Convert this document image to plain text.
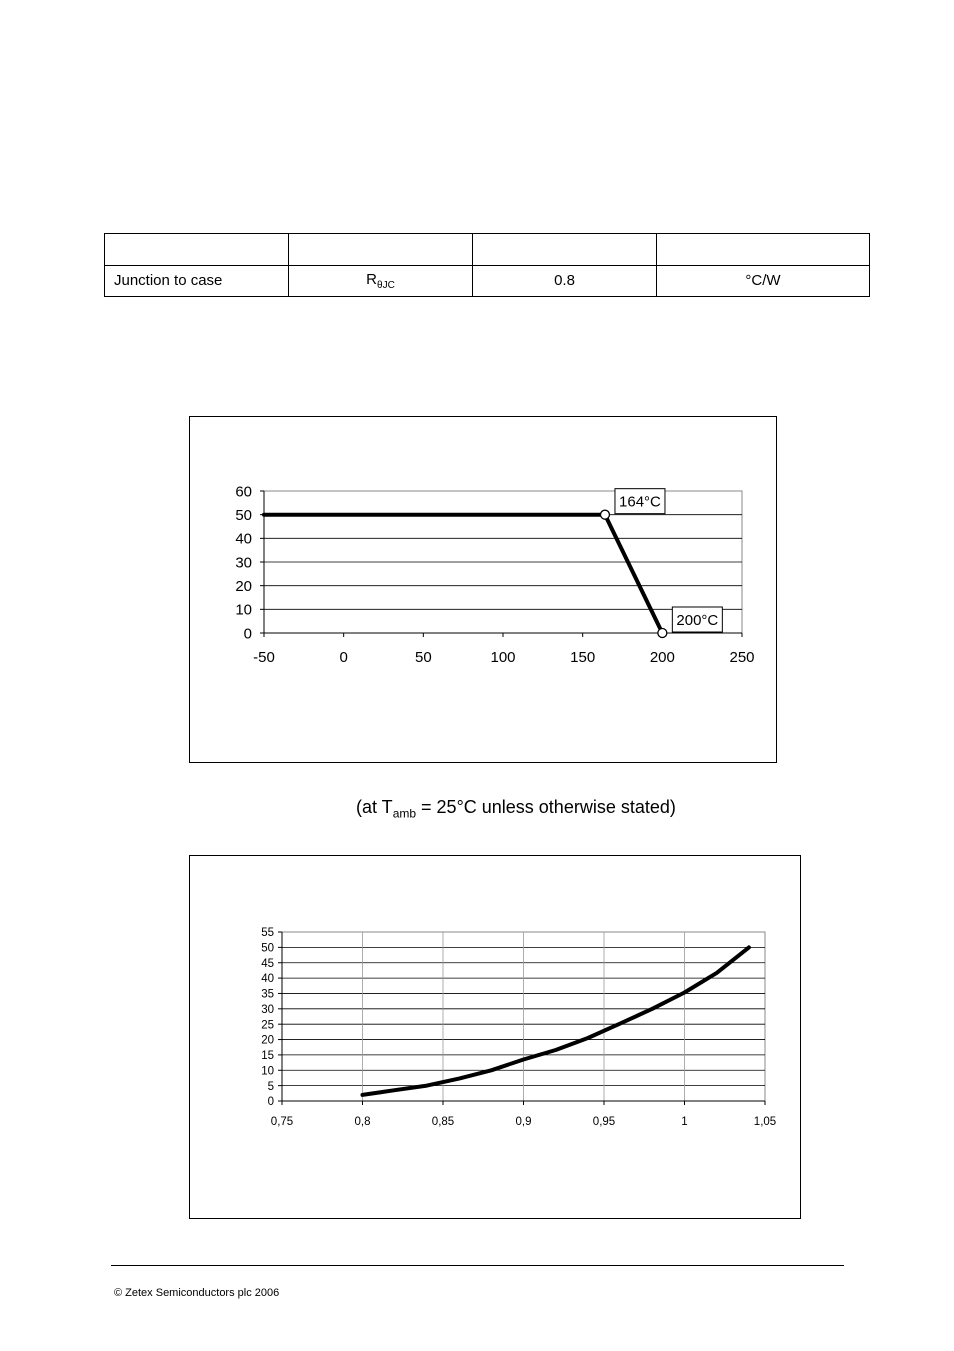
Junction to case	$R_{\theta JC}$	0.8	°C/W
0
10
20
30
40
50
60
-50	0	50	100	150	200	250
164°C
200°C
(at $T_{amb} = 25^\circ C$ unless otherwise stated)
0
5
10
15
20
25
30
35
40
45
50
55
0,75	0,8	0,85	0,9	0,95	1	1,05
© Zetex Semiconductors plc 2006
